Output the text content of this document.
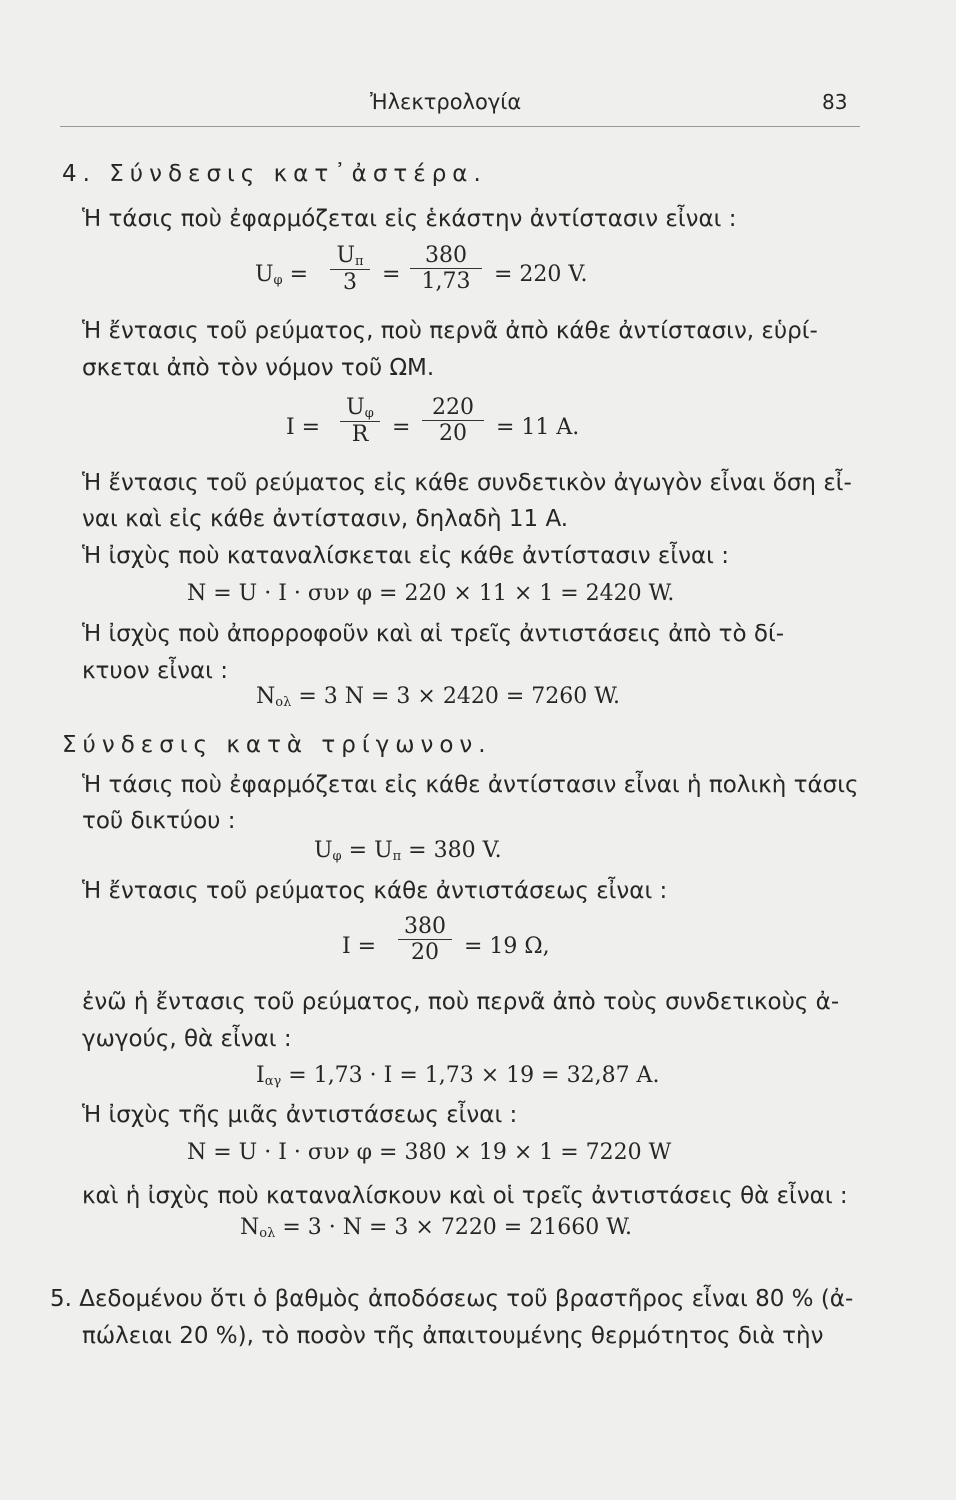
Ἠλεκτρολογία	83
4. Σύνδεσις κατ᾽ἀστέρα.
Ἡ τάσις ποὺ ἐφαρμόζεται εἰς ἑκάστην ἀντίστασιν εἶναι :
$U_\varphi = \frac{U_\pi}{3} = \frac{380}{1,73} = 220$ V.
Ἡ ἔντασις τοῦ ρεύματος, ποὺ περνᾶ ἀπὸ κάθε ἀντίστασιν, εὑρί-
σκεται ἀπὸ τὸν νόμον τοῦ ΩΜ.
$I = \frac{U_\varphi}{R} = \frac{220}{20} = 11$ A.
Ἡ ἔντασις τοῦ ρεύματος εἰς κάθε συνδετικὸν ἀγωγὸν εἶναι ὅση εἶ-
ναι καὶ εἰς κάθε ἀντίστασιν, δηλαδὴ 11 A.
Ἡ ἰσχὺς ποὺ καταναλίσκεται εἰς κάθε ἀντίστασιν εἶναι :
N = U · I · συν φ = 220 × 11 × 1 = 2420 W.
Ἡ ἰσχὺς ποὺ ἀπορροφοῦν καὶ αἱ τρεῖς ἀντιστάσεις ἀπὸ τὸ δί-
κτυον εἶναι :
$N_{o\lambda} = 3$ N = 3 × 2420 = 7260 W.
Σύνδεσις κατὰ τρίγωνον.
Ἡ τάσις ποὺ ἐφαρμόζεται εἰς κάθε ἀντίστασιν εἶναι ἡ πολικὴ τάσις
τοῦ δικτύου :
$U_\varphi = U_\pi = 380$ V.
Ἡ ἔντασις τοῦ ρεύματος κάθε ἀντιστάσεως εἶναι :
$I = \frac{380}{20} = 19$ Ω,
ἐνῶ ἡ ἔντασις τοῦ ρεύματος, ποὺ περνᾶ ἀπὸ τοὺς συνδετικοὺς ἀ-
γωγούς, θὰ εἶναι :
$I_{\alpha\gamma} = 1,73 \cdot I = 1,73 \times 19 = 32,87$ A.
Ἡ ἰσχὺς τῆς μιᾶς ἀντιστάσεως εἶναι :
N = U · I · συν φ = 380 × 19 × 1 = 7220 W
καὶ ἡ ἰσχὺς ποὺ καταναλίσκουν καὶ οἱ τρεῖς ἀντιστάσεις θὰ εἶναι :
$N_{o\lambda} = 3 \cdot N = 3 \times 7220 = 21660$ W.
5. Δεδομένου ὅτι ὁ βαθμὸς ἀποδόσεως τοῦ βραστῆρος εἶναι 80 % (ἀ-
πώλειαι 20 %), τὸ ποσὸν τῆς ἀπαιτουμένης θερμότητος διὰ τὴν
